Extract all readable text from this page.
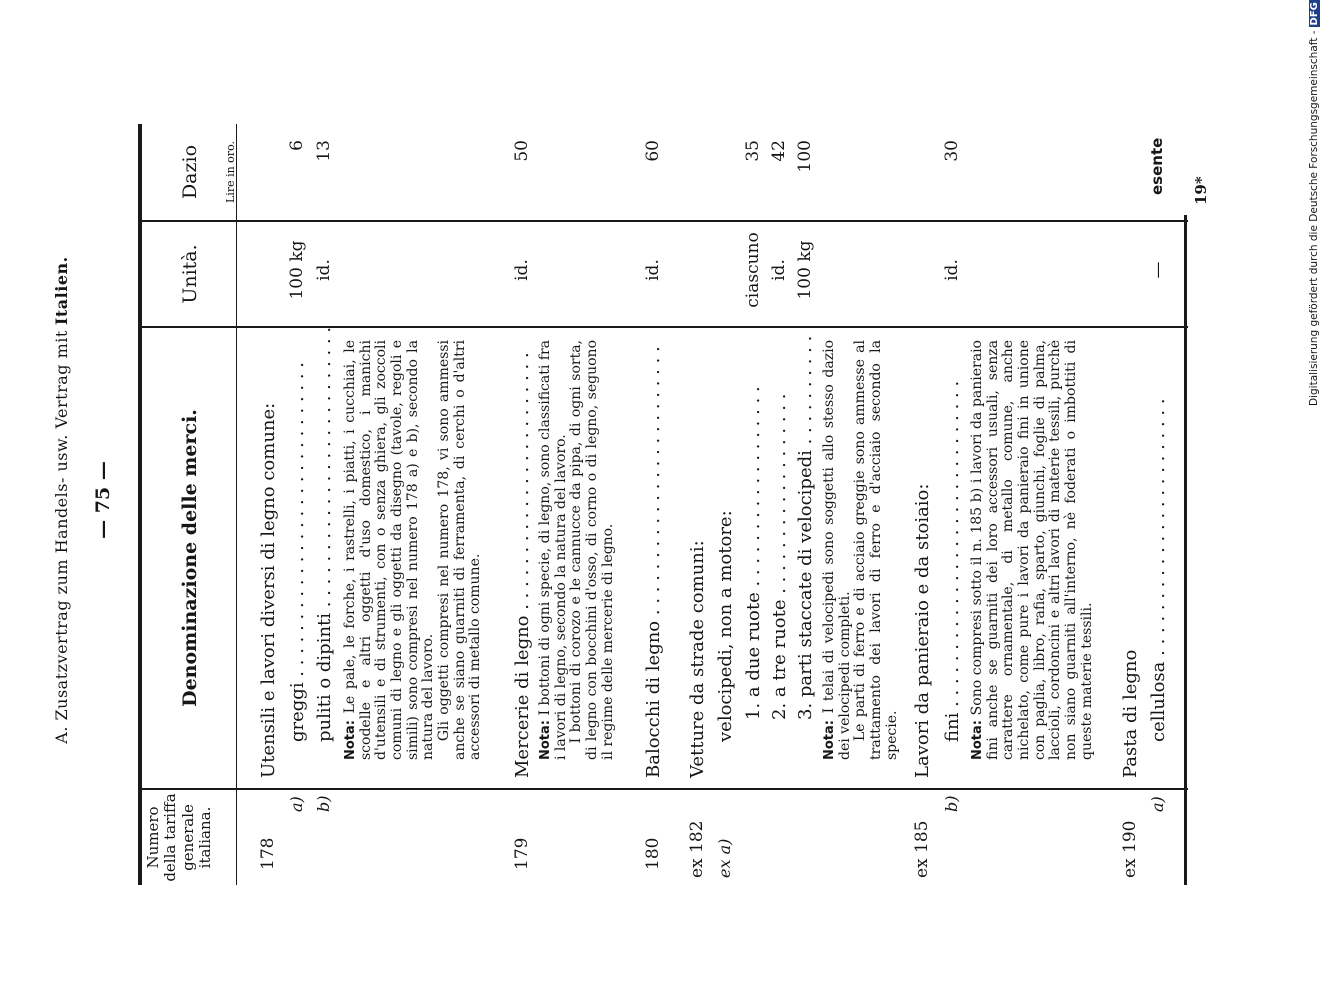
A. Zusatzvertrag zum Handels- usw. Vertrag mit Italien.
— 75 —
Numero della tariffa generale italiana.
Denominazione delle merci.
Unità.
Dazio Lire in oro.
178
Utensili e lavori diversi di legno comune:
a)
greggi . . . . . . . . . . . . . . . . . . . . . . . . . . . .
100 kg
6
b)
puliti o dipinti . . . . . . . . . . . . . . . . . . . . . . . . .
id.
13
Nota: Le pale, le forche, i rastrelli, i piatti, i cucchiai, le scodelle e altri oggetti d'uso domestico, i manichi d'utensili e di strumenti, con o senza ghiera, gli zoccoli comuni di legno e gli oggetti da disegno (tavole, regoli e simili) sono compresi nel numero 178 a) e b), secondo la natura del lavoro.
Gli oggetti compresi nel numero 178, vi sono ammessi anche se siano guarniti di ferramenta, di cerchi o d'altri accessori di metallo comune.
179
Mercerie di legno . . . . . . . . . . . . . . . . . . . . . . .
id.
50
Nota: I bottoni di ogni specie, di legno, sono classificati fra i lavori di legno, secondo la natura del lavoro.
I bottoni di corozo e le cannucce da pipa, di ogni sorta, di legno con bocchini d'osso, di corno o di legno, seguono il regime delle mercerie di legno.
180
Balocchi di legno . . . . . . . . . . . . . . . . . . . . . . . .
id.
60
ex 182
Vetture da strade comuni:
ex a)
velocipedi, non a motore: 1. a due ruote . . . . . . . . . . . . . . . . . .
ciascuno
35
2. a tre ruote . . . . . . . . . . . . . . . . . .
id.
42
3. parti staccate di velocipedi . . . . . . . . . .
100 kg
100
Nota: I telai di velocipedi sono soggetti allo stesso dazio dei velocipedi completi.
Le parti di ferro e di acciaio greggie sono ammesse al trattamento dei lavori di ferro e d'acciaio secondo la specie.
ex 185
Lavori da panieraio e da stoiaio:
b)
fini . . . . . . . . . . . . . . . . . . . . . . . . . . . . .
id.
30
Nota: Sono compresi sotto il n. 185 b) i lavori da panieraio fini anche se guarniti dei loro accessori usuali, senza carattere ornamentale, di metallo comune, anche nichelato, come pure i lavori da panieraio fini in unione con paglia, libro, rafia, sparto, giunchi, foglie di palma, laccioli, cordoncini e altri lavori di materie tessili, purchè non siano guarniti all'interno, nè foderati o imbottiti di queste materie tessili.
ex 190
Pasta di legno
a)
cellulosa . . . . . . . . . . . . . . . . . . . . . . .
—
esente 19*	Digitalisierung gefördert durch die Deutsche Forschungsgemeinschaft -DFG
